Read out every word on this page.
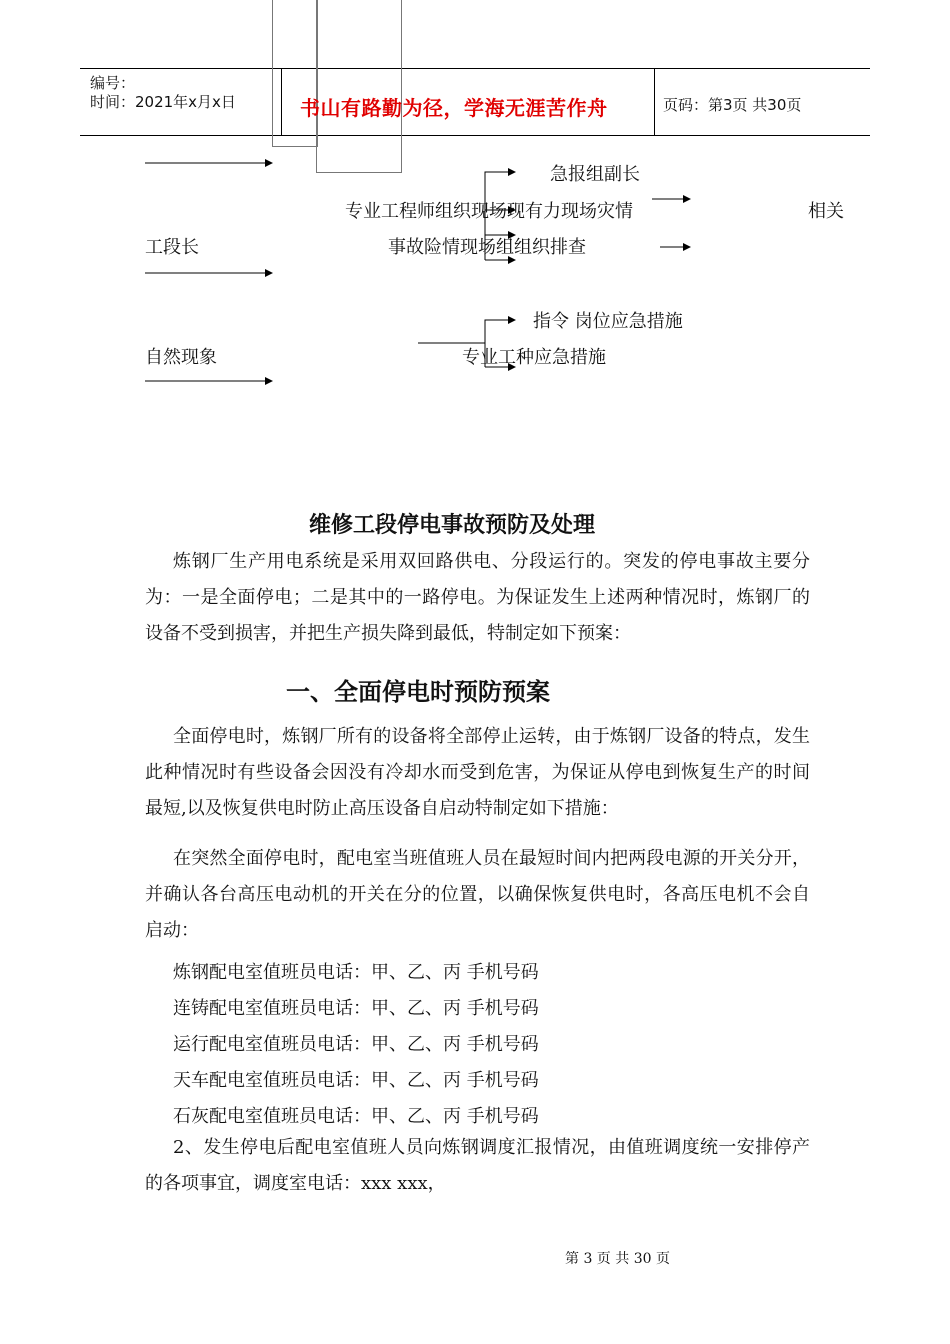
编号：
时间：2021年x月x日	书山有路勤为径，学海无涯苦作舟	页码：第3页 共30页
急报组副长
专业工程师组织现场现有力现场灾情	相关
工段长	事故险情现场组组织排查
指令 岗位应急措施
自然现象	专业工种应急措施
维修工段停电事故预防及处理
炼钢厂生产用电系统是采用双回路供电、分段运行的。突发的停电事故主要分为：一是全面停电；二是其中的一路停电。为保证发生上述两种情况时，炼钢厂的设备不受到损害，并把生产损失降到最低，特制定如下预案：
一、全面停电时预防预案
全面停电时，炼钢厂所有的设备将全部停止运转，由于炼钢厂设备的特点，发生此种情况时有些设备会因没有冷却水而受到危害，为保证从停电到恢复生产的时间最短,以及恢复供电时防止高压设备自启动特制定如下措施：
在突然全面停电时，配电室当班值班人员在最短时间内把两段电源的开关分开，并确认各台高压电动机的开关在分的位置，以确保恢复供电时，各高压电机不会自启动：
炼钢配电室值班员电话：甲、乙、丙 手机号码
连铸配电室值班员电话：甲、乙、丙 手机号码
运行配电室值班员电话：甲、乙、丙 手机号码
天车配电室值班员电话：甲、乙、丙 手机号码
石灰配电室值班员电话：甲、乙、丙 手机号码
2、发生停电后配电室值班人员向炼钢调度汇报情况，由值班调度统一安排停产的各项事宜，调度室电话：xxx xxx，
第 3 页 共 30 页
